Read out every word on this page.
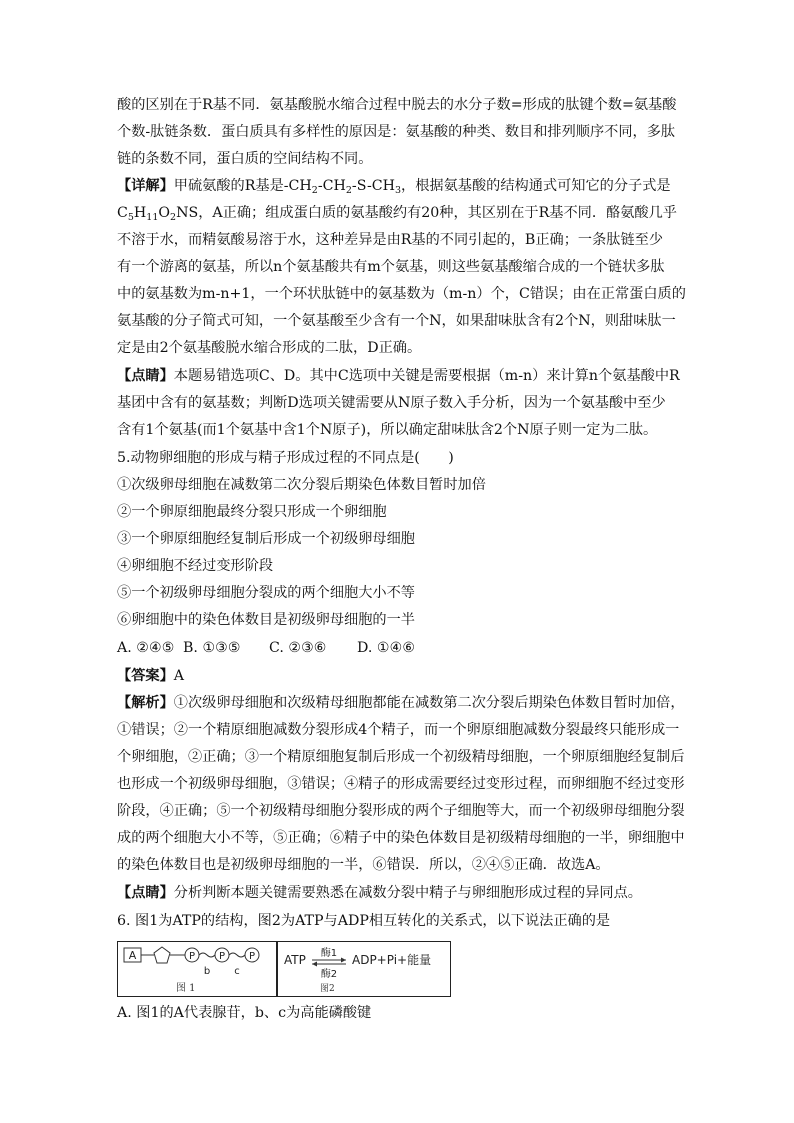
酸的区别在于R基不同．氨基酸脱水缩合过程中脱去的水分子数=形成的肽键个数=氨基酸
个数-肽链条数．蛋白质具有多样性的原因是：氨基酸的种类、数目和排列顺序不同，多肽
链的条数不同，蛋白质的空间结构不同。
【详解】甲硫氨酸的R基是$-CH_2-CH_2-S-CH_3$，根据氨基酸的结构通式可知它的分子式是
$C_5H_{11}O_2NS$，A正确；组成蛋白质的氨基酸约有20种，其区别在于R基不同．酪氨酸几乎
不溶于水，而精氨酸易溶于水，这种差异是由R基的不同引起的，B正确；一条肽链至少
有一个游离的氨基，所以n个氨基酸共有m个氨基，则这些氨基酸缩合成的一个链状多肽
中的氨基数为m-n+1，一个环状肽链中的氨基数为（m-n）个，C错误；由在正常蛋白质的
氨基酸的分子简式可知，一个氨基酸至少含有一个N，如果甜味肽含有2个N，则甜味肽一
定是由2个氨基酸脱水缩合形成的二肽，D正确。
【点睛】本题易错选项C、D。其中C选项中关键是需要根据（m-n）来计算n个氨基酸中R
基团中含有的氨基数；判断D选项关键需要从N原子数入手分析，因为一个氨基酸中至少
含有1个氨基(而1个氨基中含1个N原子)，所以确定甜味肽含2个N原子则一定为二肽。
5.动物卵细胞的形成与精子形成过程的不同点是(　　)
①次级卵母细胞在减数第二次分裂后期染色体数目暂时加倍
②一个卵原细胞最终分裂只形成一个卵细胞
③一个卵原细胞经复制后形成一个初级卵母细胞
④卵细胞不经过变形阶段
⑤一个初级卵母细胞分裂成的两个细胞大小不等
⑥卵细胞中的染色体数目是初级卵母细胞的一半
A. ②④⑤ B. ①③⑤ C. ②③⑥ D. ①④⑥
【答案】A
【解析】①次级卵母细胞和次级精母细胞都能在减数第二次分裂后期染色体数目暂时加倍，
①错误；②一个精原细胞减数分裂形成4个精子，而一个卵原细胞减数分裂最终只能形成一
个卵细胞，②正确；③一个精原细胞复制后形成一个初级精母细胞，一个卵原细胞经复制后
也形成一个初级卵母细胞，③错误；④精子的形成需要经过变形过程，而卵细胞不经过变形
阶段，④正确；⑤一个初级精母细胞分裂形成的两个子细胞等大，而一个初级卵母细胞分裂
成的两个细胞大小不等，⑤正确；⑥精子中的染色体数目是初级精母细胞的一半，卵细胞中
的染色体数目也是初级卵母细胞的一半，⑥错误．所以，②④⑤正确．故选A。
【点睛】分析判断本题关键需要熟悉在减数分裂中精子与卵细胞形成过程的异同点。
6. 图1为ATP的结构，图2为ATP与ADP相互转化的关系式，以下说法正确的是
A	P P P
b c
图 1
ATP 酶1
酶2
ADP+Pi+能量
图2
A. 图1的A代表腺苷，b、c为高能磷酸键
